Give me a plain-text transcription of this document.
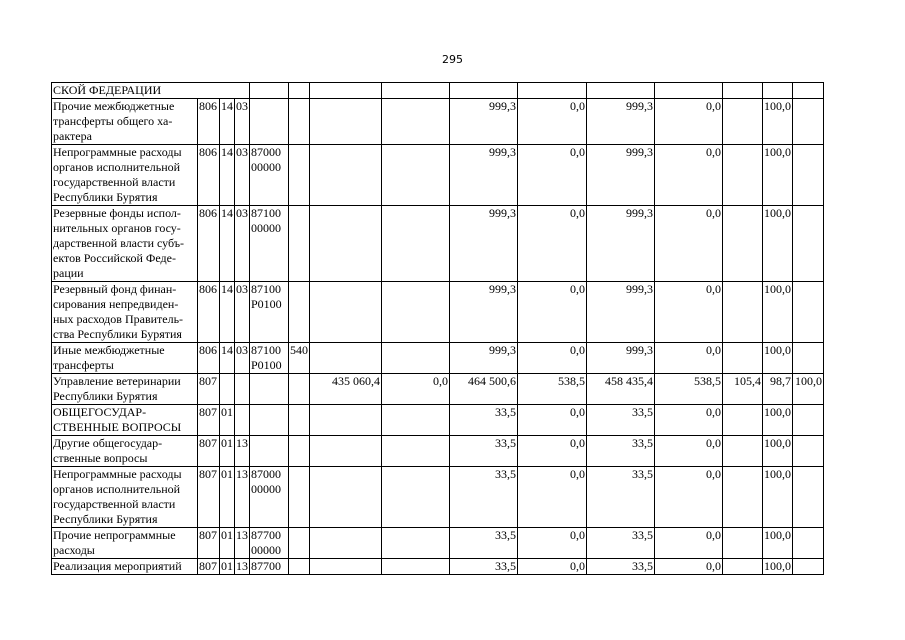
295
СКОЙ ФЕДЕРАЦИИ														
Прочие межбюджетные трансферты общего ха- рактера	806	14	03					999,3	0,0	999,3	0,0		100,0	
Непрограммные расходы органов исполнительной государственной власти Республики Бурятия	806	14	03	87000 00000				999,3	0,0	999,3	0,0		100,0	
Резервные фонды испол- нительных органов госу- дарственной власти субъ- ектов Российской Феде- рации	806	14	03	87100 00000				999,3	0,0	999,3	0,0		100,0	
Резервный фонд финан- сирования непредвиден- ных расходов Правитель- ства Республики Бурятия	806	14	03	87100 Р0100				999,3	0,0	999,3	0,0		100,0	
Иные межбюджетные трансферты	806	14	03	87100 Р0100	540			999,3	0,0	999,3	0,0		100,0	
Управление ветеринарии Республики Бурятия	807					435 060,4	0,0	464 500,6	538,5	458 435,4	538,5	105,4	98,7	100,0
ОБЩЕГОСУДАР- СТВЕННЫЕ ВОПРОСЫ	807	01						33,5	0,0	33,5	0,0		100,0	
Другие общегосудар- ственные вопросы	807	01	13					33,5	0,0	33,5	0,0		100,0	
Непрограммные расходы органов исполнительной государственной власти Республики Бурятия	807	01	13	87000 00000				33,5	0,0	33,5	0,0		100,0	
Прочие непрограммные расходы	807	01	13	87700 00000				33,5	0,0	33,5	0,0		100,0	
Реализация мероприятий	807	01	13	87700				33,5	0,0	33,5	0,0		100,0	
